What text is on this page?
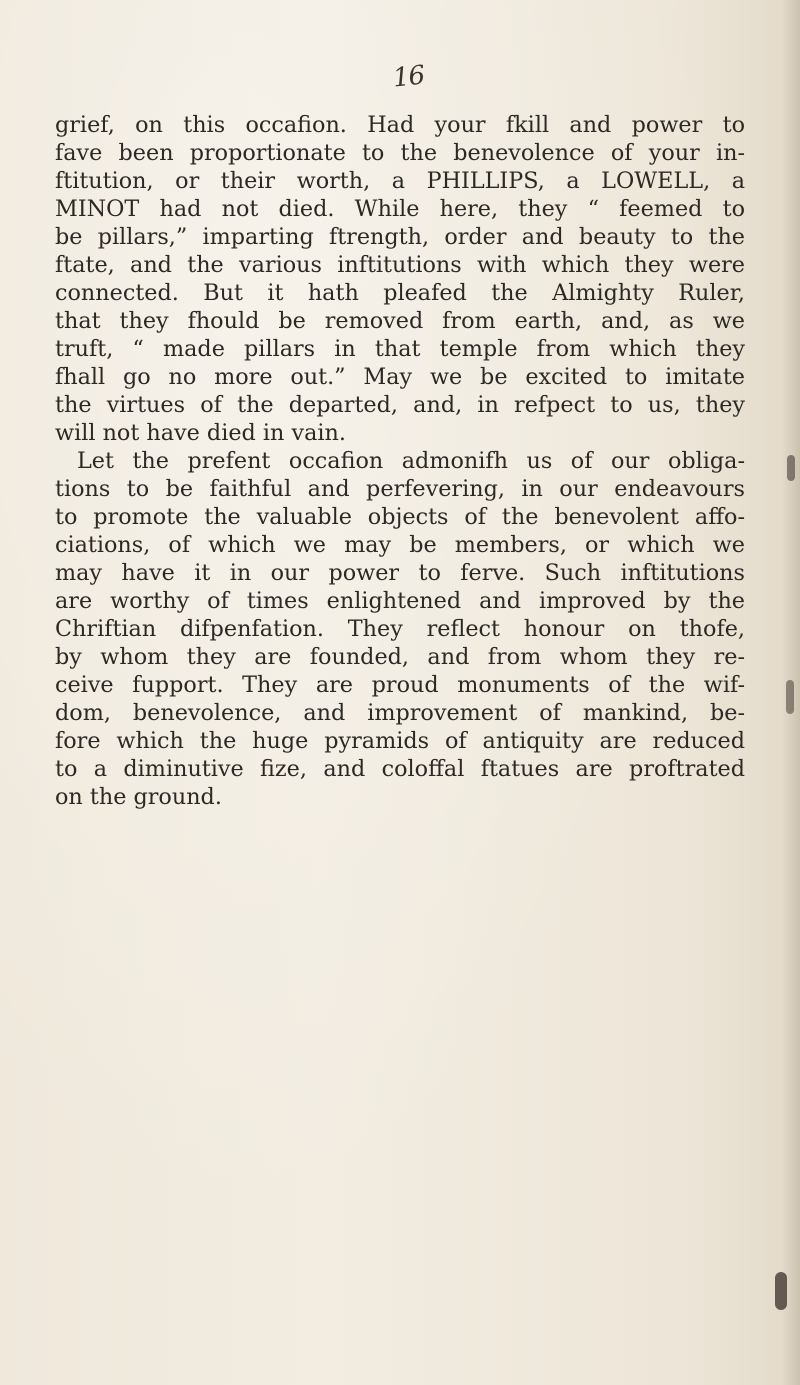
16
grief, on this occafion. Had your fkill and power to
fave been proportionate to the benevolence of your in-
ftitution, or their worth, a PHILLIPS, a LOWELL, a
MINOT had not died. While here, they “ feemed to
be pillars,” imparting ftrength, order and beauty to the
ftate, and the various inftitutions with which they were
connected. But it hath pleafed the Almighty Ruler,
that they fhould be removed from earth, and, as we
truft, “ made pillars in that temple from which they
fhall go no more out.” May we be excited to imitate
the virtues of the departed, and, in refpect to us, they
will not have died in vain.
Let the prefent occafion admonifh us of our obliga-
tions to be faithful and perfevering, in our endeavours
to promote the valuable objects of the benevolent affo-
ciations, of which we may be members, or which we
may have it in our power to ferve. Such inftitutions
are worthy of times enlightened and improved by the
Chriftian difpenfation. They reflect honour on thofe,
by whom they are founded, and from whom they re-
ceive fupport. They are proud monuments of the wif-
dom, benevolence, and improvement of mankind, be-
fore which the huge pyramids of antiquity are reduced
to a diminutive fize, and coloffal ftatues are proftrated
on the ground.
